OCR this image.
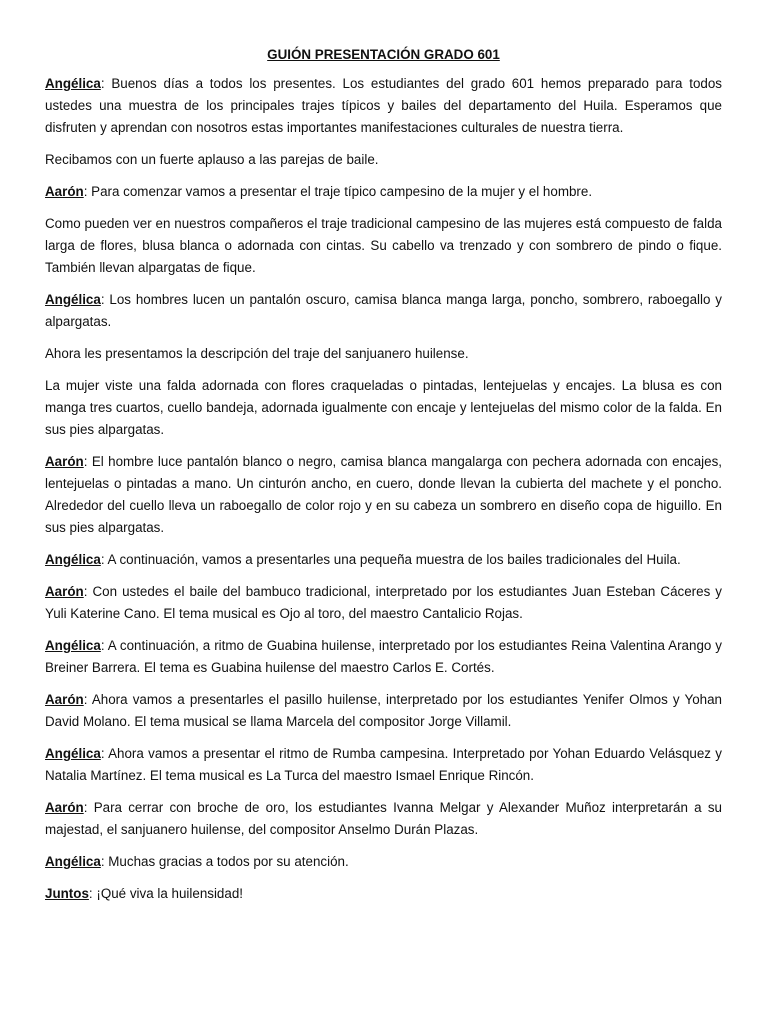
GUIÓN PRESENTACIÓN GRADO 601

Angélica: Buenos días a todos los presentes. Los estudiantes del grado 601 hemos preparado para todos ustedes una muestra de los principales trajes típicos y bailes del departamento del Huila. Esperamos que disfruten y aprendan con nosotros estas importantes manifestaciones culturales de nuestra tierra.

Recibamos con un fuerte aplauso a las parejas de baile.

Aarón: Para comenzar vamos a presentar el traje típico campesino de la mujer y el hombre.

Como pueden ver en nuestros compañeros el traje tradicional campesino de las mujeres está compuesto de falda larga de flores, blusa blanca o adornada con cintas. Su cabello va trenzado y con sombrero de pindo o fique. También llevan alpargatas de fique.

Angélica: Los hombres lucen un pantalón oscuro, camisa blanca manga larga, poncho, sombrero, raboegallo y alpargatas.

Ahora les presentamos la descripción del traje del sanjuanero huilense.

La mujer viste una falda adornada con flores craqueladas o pintadas, lentejuelas y encajes. La blusa es con manga tres cuartos, cuello bandeja, adornada igualmente con encaje y lentejuelas del mismo color de la falda. En sus pies alpargatas.

Aarón: El hombre luce pantalón blanco o negro, camisa blanca mangalarga con pechera adornada con encajes, lentejuelas o pintadas a mano. Un cinturón ancho, en cuero, donde llevan la cubierta del machete y el poncho. Alrededor del cuello lleva un raboegallo de color rojo y en su cabeza un sombrero en diseño copa de higuillo. En sus pies alpargatas.

Angélica: A continuación, vamos a presentarles una pequeña muestra de los bailes tradicionales del Huila.

Aarón: Con ustedes el baile del bambuco tradicional, interpretado por los estudiantes Juan Esteban Cáceres y Yuli Katerine Cano. El tema musical es Ojo al toro, del maestro Cantalicio Rojas.

Angélica: A continuación, a ritmo de Guabina huilense, interpretado por los estudiantes Reina Valentina Arango y Breiner Barrera. El tema es Guabina huilense del maestro Carlos E. Cortés.

Aarón: Ahora vamos a presentarles el pasillo huilense, interpretado por los estudiantes Yenifer Olmos y Yohan David Molano. El tema musical se llama Marcela del compositor Jorge Villamil.

Angélica: Ahora vamos a presentar el ritmo de Rumba campesina. Interpretado por Yohan Eduardo Velásquez y Natalia Martínez. El tema musical es La Turca del maestro Ismael Enrique Rincón.

Aarón: Para cerrar con broche de oro, los estudiantes Ivanna Melgar y Alexander Muñoz interpretarán a su majestad, el sanjuanero huilense, del compositor Anselmo Durán Plazas.

Angélica: Muchas gracias a todos por su atención.

Juntos: ¡Qué viva la huilensidad!
